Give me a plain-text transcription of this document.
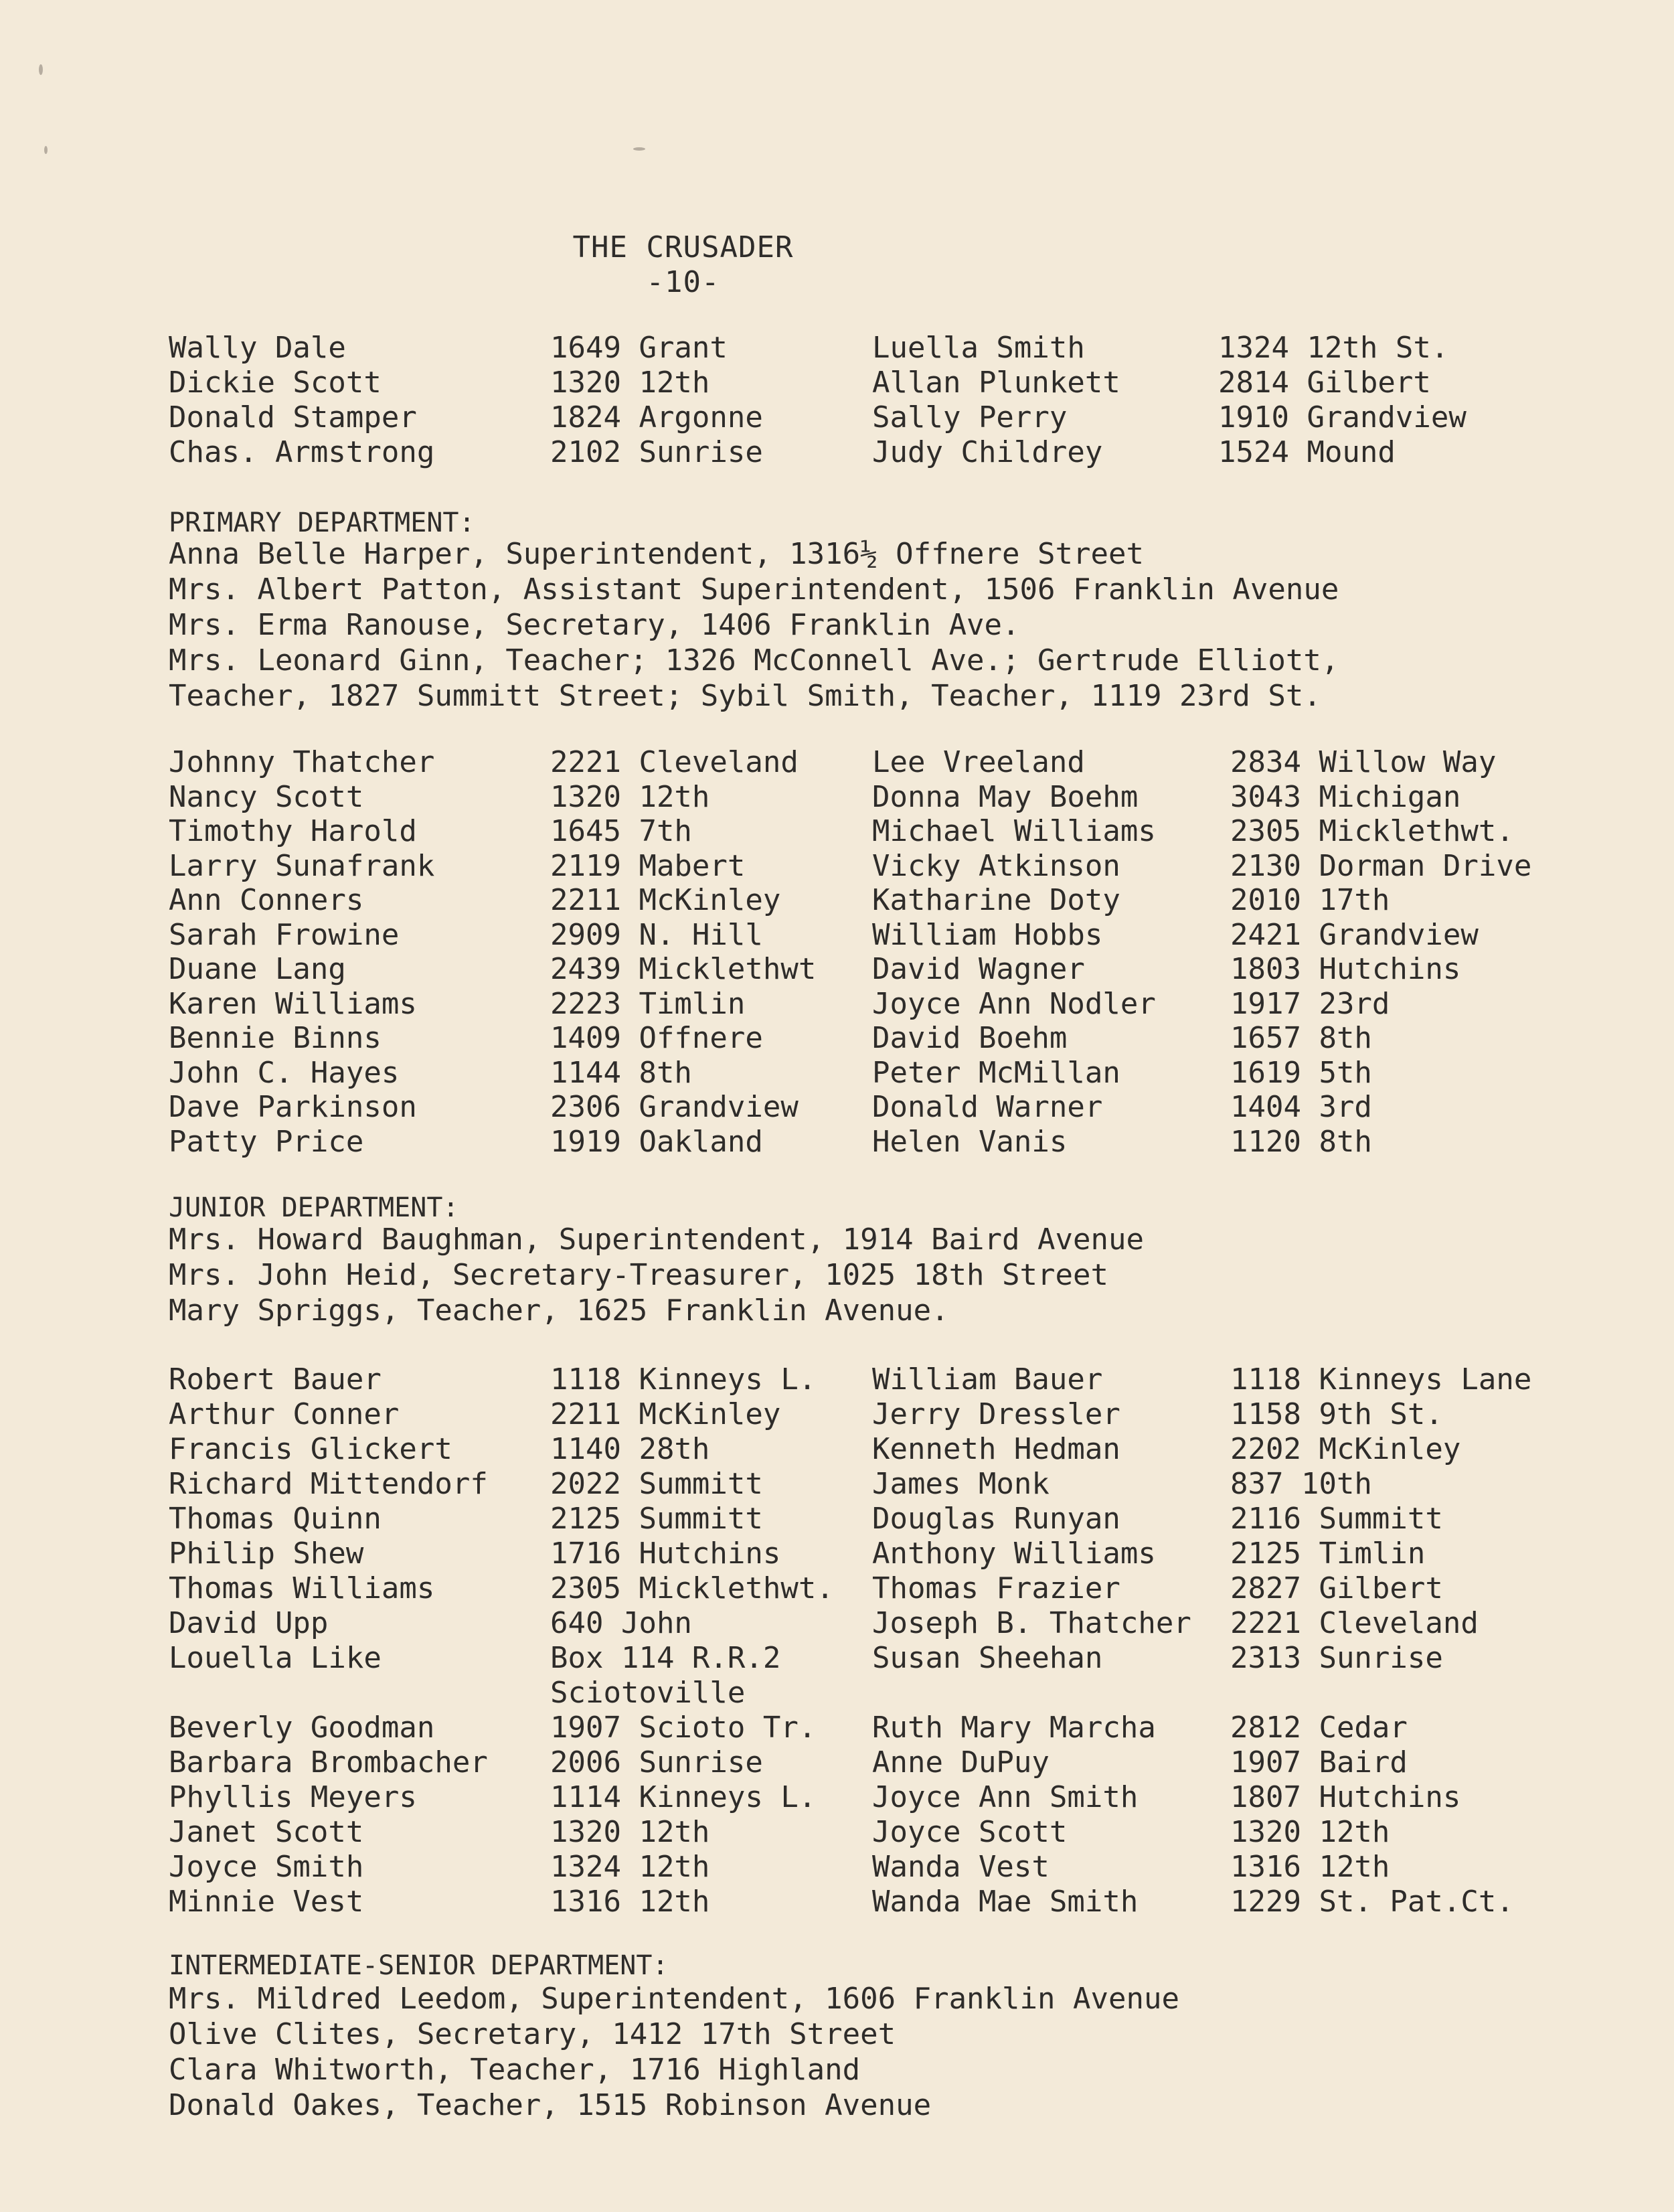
THE CRUSADER
-10-
Wally Dale	1649 Grant	Luella Smith	1324 12th St.
Dickie Scott	1320 12th	Allan Plunkett	2814 Gilbert
Donald Stamper	1824 Argonne	Sally Perry	1910 Grandview
Chas. Armstrong	2102 Sunrise	Judy Childrey	1524 Mound
PRIMARY DEPARTMENT:
Anna Belle Harper, Superintendent, 1316½ Offnere Street
Mrs. Albert Patton, Assistant Superintendent, 1506 Franklin Avenue
Mrs. Erma Ranouse, Secretary, 1406 Franklin Ave.
Mrs. Leonard Ginn, Teacher; 1326 McConnell Ave.; Gertrude Elliott,
Teacher, 1827 Summitt Street; Sybil Smith, Teacher, 1119 23rd St.
Johnny Thatcher	2221 Cleveland	Lee Vreeland	2834 Willow Way
Nancy Scott	1320 12th	Donna May Boehm	3043 Michigan
Timothy Harold	1645 7th	Michael Williams	2305 Micklethwt.
Larry Sunafrank	2119 Mabert	Vicky Atkinson	2130 Dorman Drive
Ann Conners	2211 McKinley	Katharine Doty	2010 17th
Sarah Frowine	2909 N. Hill	William Hobbs	2421 Grandview
Duane Lang	2439 Micklethwt David Wagner	1803 Hutchins
Karen Williams	2223 Timlin	Joyce Ann Nodler	1917 23rd
Bennie Binns	1409 Offnere	David Boehm	1657 8th
John C. Hayes	1144 8th	Peter McMillan	1619 5th
Dave Parkinson	2306 Grandview	Donald Warner	1404 3rd
Patty Price	1919 Oakland	Helen Vanis	1120 8th
JUNIOR DEPARTMENT:
Mrs. Howard Baughman, Superintendent, 1914 Baird Avenue
Mrs. John Heid, Secretary-Treasurer, 1025 18th Street
Mary Spriggs, Teacher, 1625 Franklin Avenue.
Robert Bauer	1118 Kinneys L. William Bauer	1118 Kinneys Lane
Arthur Conner	2211 McKinley	Jerry Dressler	1158 9th St.
Francis Glickert	1140 28th	Kenneth Hedman	2202 McKinley
Richard Mittendorf 2022 Summitt	James Monk	837 10th
Thomas Quinn	2125 Summitt	Douglas Runyan	2116 Summitt
Philip Shew	1716 Hutchins	Anthony Williams	2125 Timlin
Thomas Williams	2305 Micklethwt. Thomas Frazier	2827 Gilbert
David Upp	640 John	Joseph B. Thatcher 2221 Cleveland
Louella Like	Box 114 R.R.2	Susan Sheehan	2313 Sunrise
Sciotoville
Beverly Goodman	1907 Scioto Tr. Ruth Mary Marcha	2812 Cedar
Barbara Brombacher 2006 Sunrise	Anne DuPuy	1907 Baird
Phyllis Meyers	1114 Kinneys L. Joyce Ann Smith	1807 Hutchins
Janet Scott	1320 12th	Joyce Scott	1320 12th
Joyce Smith	1324 12th	Wanda Vest	1316 12th
Minnie Vest	1316 12th	Wanda Mae Smith	1229 St. Pat.Ct.
INTERMEDIATE-SENIOR DEPARTMENT:
Mrs. Mildred Leedom, Superintendent, 1606 Franklin Avenue
Olive Clites, Secretary, 1412 17th Street
Clara Whitworth, Teacher, 1716 Highland
Donald Oakes, Teacher, 1515 Robinson Avenue
